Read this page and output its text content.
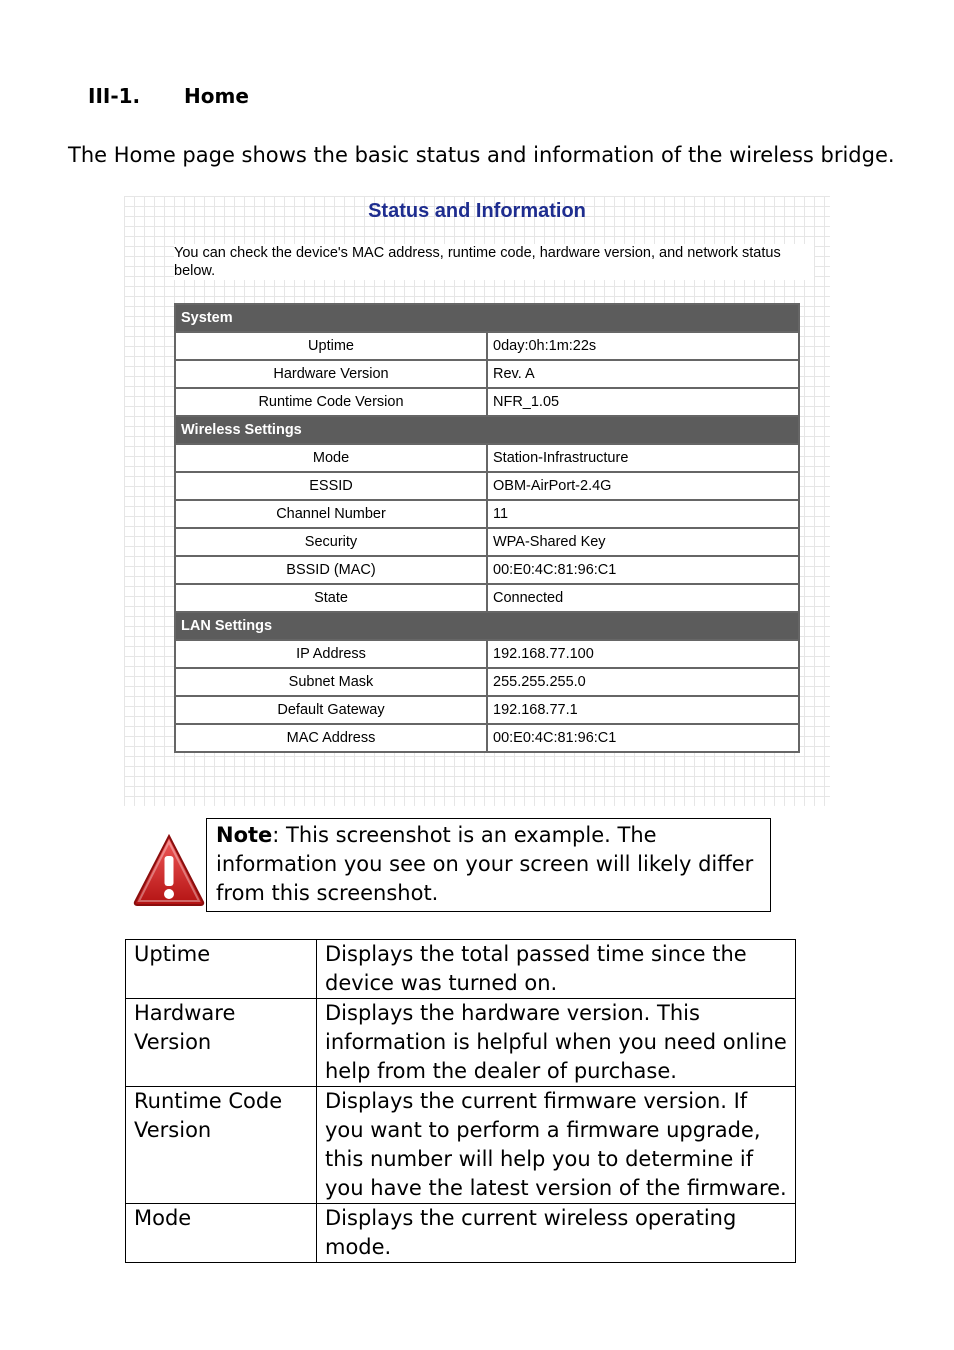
III-1. Home
The Home page shows the basic status and information of the wireless bridge.
Status and Information
You can check the device's MAC address, runtime code, hardware version, and network status below.
System	
Uptime	0day:0h:1m:22s
Hardware Version	Rev. A
Runtime Code Version	NFR_1.05
Wireless Settings	
Mode	Station-Infrastructure
ESSID	OBM-AirPort-2.4G
Channel Number	11
Security	WPA-Shared Key
BSSID (MAC)	00:E0:4C:81:96:C1
State	Connected
LAN Settings	
IP Address	192.168.77.100
Subnet Mask	255.255.255.0
Default Gateway	192.168.77.1
MAC Address	00:E0:4C:81:96:C1
Note: This screenshot is an example. The information you see on your screen will likely differ from this screenshot.
Uptime	Displays the total passed time since the device was turned on.
Hardware Version	Displays the hardware version. This information is helpful when you need online help from the dealer of purchase.
Runtime Code Version	Displays the current firmware version. If you want to perform a firmware upgrade, this number will help you to determine if you have the latest version of the firmware.
Mode	Displays the current wireless operating mode.
